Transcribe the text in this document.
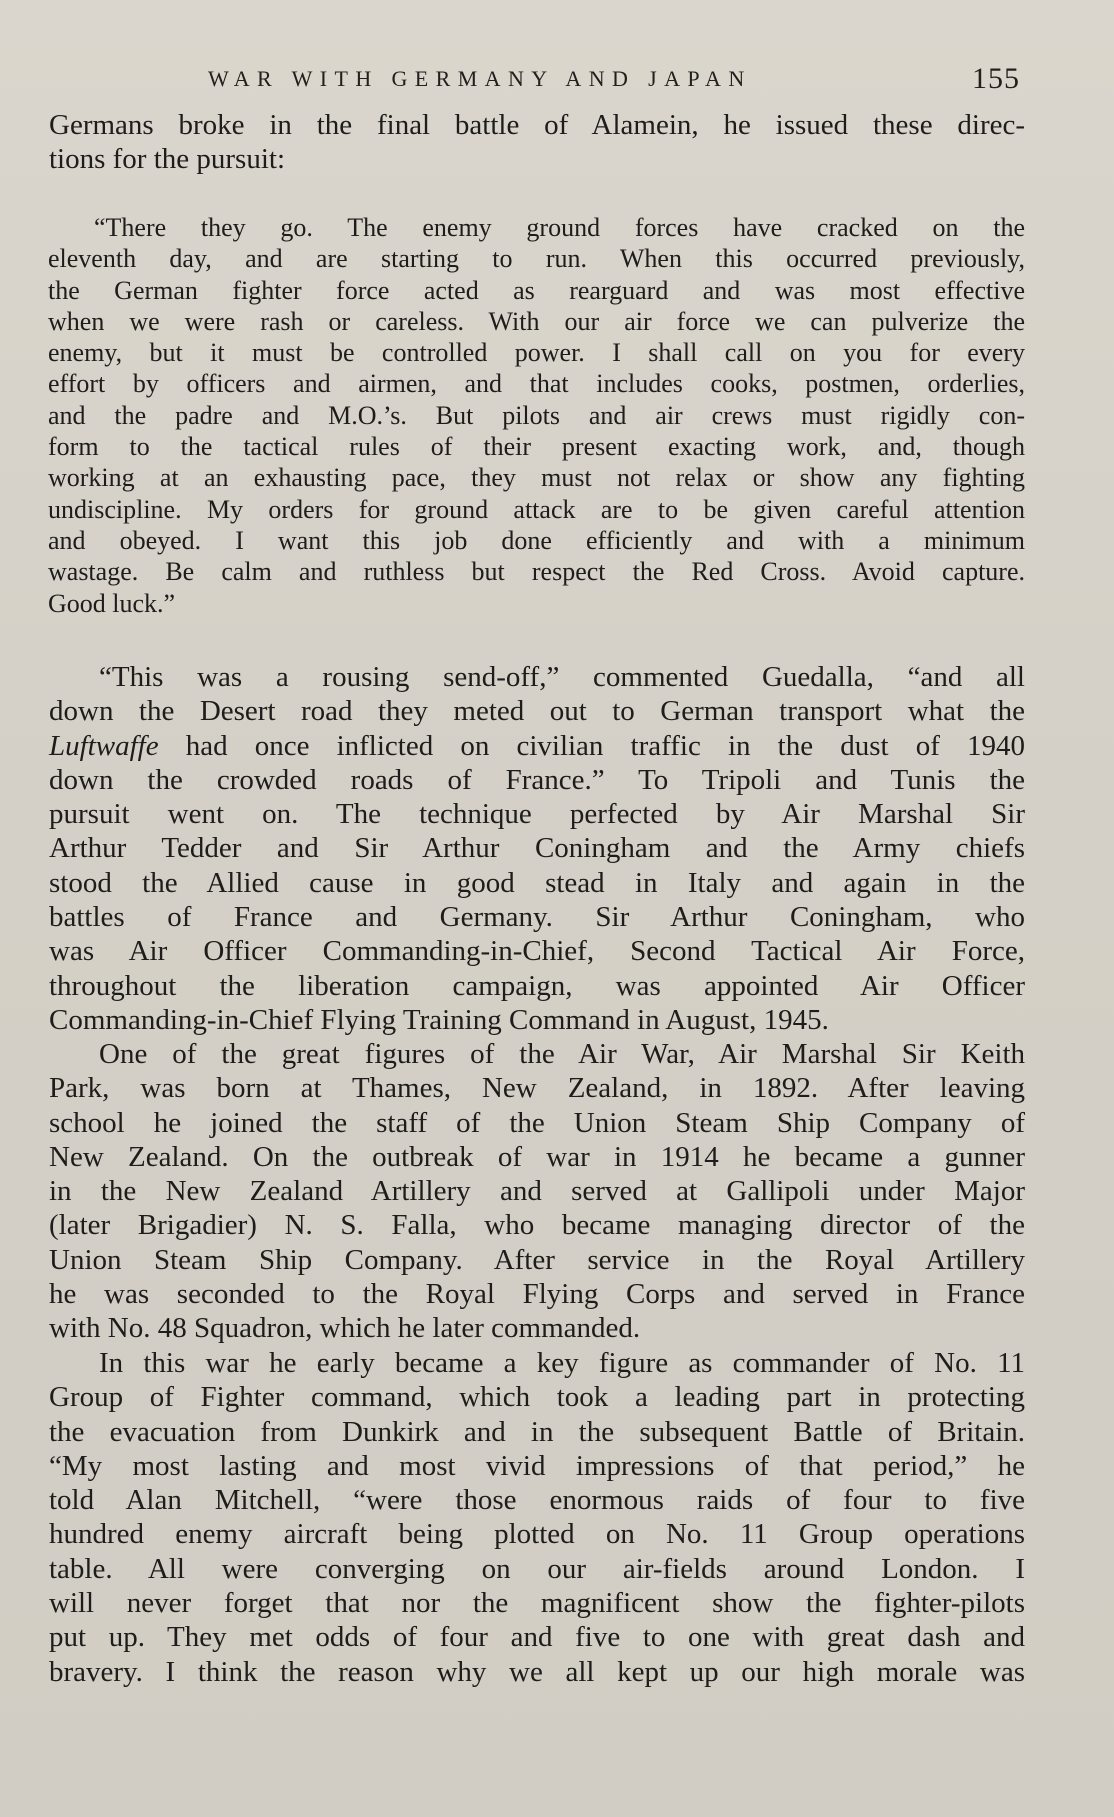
WAR WITH GERMANY AND JAPAN	155
Germans broke in the final battle of Alamein, he issued these direc-
tions for the pursuit:
“There they go. The enemy ground forces have cracked on the
eleventh day, and are starting to run. When this occurred previously,
the German fighter force acted as rearguard and was most effective
when we were rash or careless. With our air force we can pulverize the
enemy, but it must be controlled power. I shall call on you for every
effort by officers and airmen, and that includes cooks, postmen, orderlies,
and the padre and M.O.’s. But pilots and air crews must rigidly con-
form to the tactical rules of their present exacting work, and, though
working at an exhausting pace, they must not relax or show any fighting
undiscipline. My orders for ground attack are to be given careful attention
and obeyed. I want this job done efficiently and with a minimum
wastage. Be calm and ruthless but respect the Red Cross. Avoid capture.
Good luck.”
“This was a rousing send-off,” commented Guedalla, “and all
down the Desert road they meted out to German transport what the
Luftwaffe had once inflicted on civilian traffic in the dust of 1940
down the crowded roads of France.” To Tripoli and Tunis the
pursuit went on. The technique perfected by Air Marshal Sir
Arthur Tedder and Sir Arthur Coningham and the Army chiefs
stood the Allied cause in good stead in Italy and again in the
battles of France and Germany. Sir Arthur Coningham, who
was Air Officer Commanding-in-Chief, Second Tactical Air Force,
throughout the liberation campaign, was appointed Air Officer
Commanding-in-Chief Flying Training Command in August, 1945.
One of the great figures of the Air War, Air Marshal Sir Keith
Park, was born at Thames, New Zealand, in 1892. After leaving
school he joined the staff of the Union Steam Ship Company of
New Zealand. On the outbreak of war in 1914 he became a gunner
in the New Zealand Artillery and served at Gallipoli under Major
(later Brigadier) N. S. Falla, who became managing director of the
Union Steam Ship Company. After service in the Royal Artillery
he was seconded to the Royal Flying Corps and served in France
with No. 48 Squadron, which he later commanded.
In this war he early became a key figure as commander of No. 11
Group of Fighter command, which took a leading part in protecting
the evacuation from Dunkirk and in the subsequent Battle of Britain.
“My most lasting and most vivid impressions of that period,” he
told Alan Mitchell, “were those enormous raids of four to five
hundred enemy aircraft being plotted on No. 11 Group operations
table. All were converging on our air-fields around London. I
will never forget that nor the magnificent show the fighter-pilots
put up. They met odds of four and five to one with great dash and
bravery. I think the reason why we all kept up our high morale was
